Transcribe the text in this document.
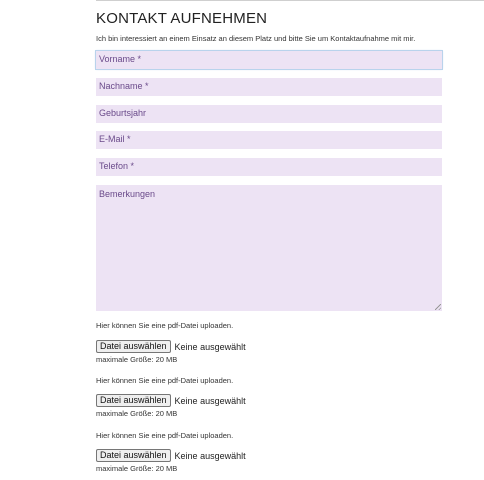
KONTAKT AUFNEHMEN
Ich bin interessiert an einem Einsatz an diesem Platz und bitte Sie um Kontaktaufnahme mit mir.
Vorname *
Nachname *
Geburtsjahr
E-Mail *
Telefon *
Bemerkungen
Hier können Sie eine pdf-Datei uploaden.
Datei auswählen Keine ausgewählt
maximale Größe: 20 MB
Hier können Sie eine pdf-Datei uploaden.
Datei auswählen Keine ausgewählt
maximale Größe: 20 MB
Hier können Sie eine pdf-Datei uploaden.
Datei auswählen Keine ausgewählt
maximale Größe: 20 MB
